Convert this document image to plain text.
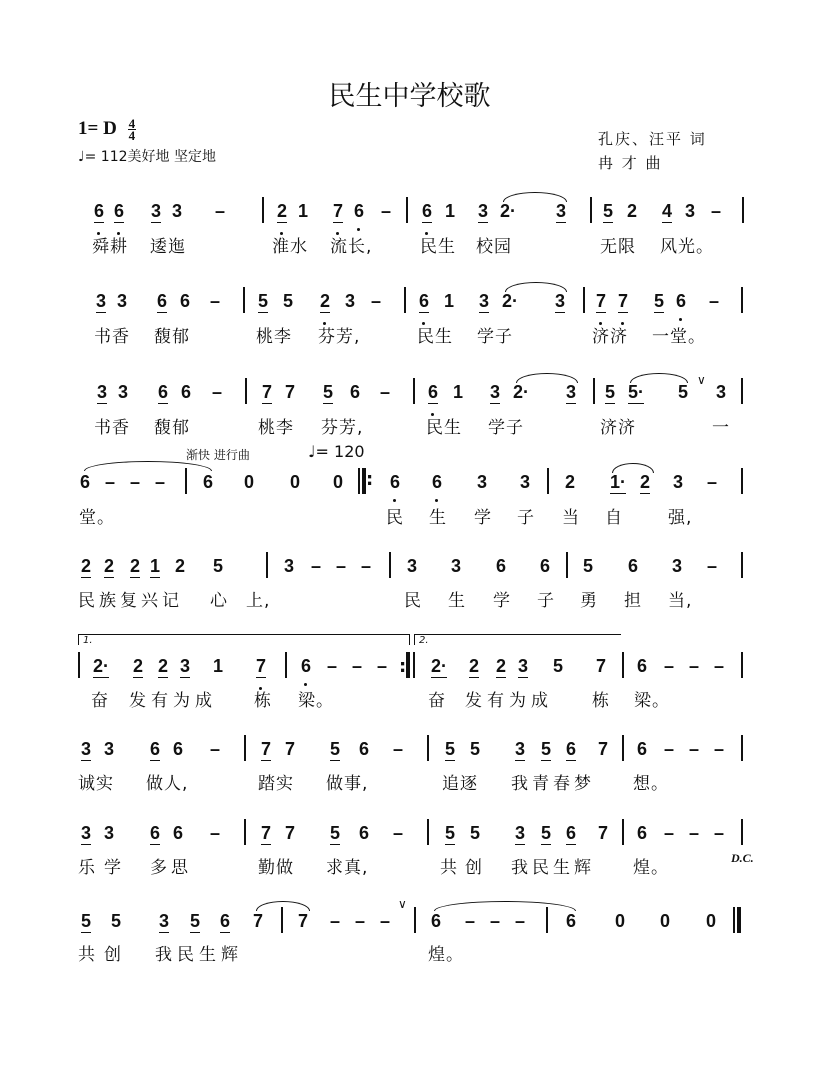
民生中学校歌
1= D $\frac{4}{4}$
♩= 112美好地 坚定地
孔庆、汪平 词
冉 才 曲
6 6 3 3 –	2 1 7 6 – 6 1 3 2· 3 5 2 4 3 –
舜耕 逶迤	淮水 流长,	民生 校园	无限 风光。
3 3 6 6 – 5 5 2 3 – 6 1 3 2· 3 7 7 5 6 –
书香 馥郁	桃李 芬芳,	民生 学子	济济 一堂。
3 3 6 6 – 7 7 5 6 – 6 1 3 2· 3 5 5· 5
∨
3
书香 馥郁	桃李 芬芳,	民生 学子	济济	一
渐快 进行曲	♩= 120
6 – – – 6 0 0 0
:	6 6 3 3 2 1· 2 3 –
堂。	民 生 学 子 当 自	强,
2 2 2 1 2 5	3 – – – 3 3 6 6 5 6 3 –
民族复兴记 心 上,	民 生 学 子 勇 担 当,
1.	2.
2· 2 2 3 1 7 6 – – – : 2· 2 2 3 5 7 6 – – –
奋 发有为成 栋 梁。	奋 发有为成 栋 梁。
3 3 6 6 – 7 7 5 6 – 5 5 3 5 6 7 6 – – –
诚实 做人,	踏实 做事,	追逐 我青春梦 想。
3 3 6 6 – 7 7 5 6 – 5 5 3 5 6 7 6 – – –
乐学 多思	勤做 求真,	共创 我民生辉 煌。	D.C.
5 5 3 5 6 7 7 – – –
∨
6 – – – 6 0 0 0
共创 我民生辉	煌。
